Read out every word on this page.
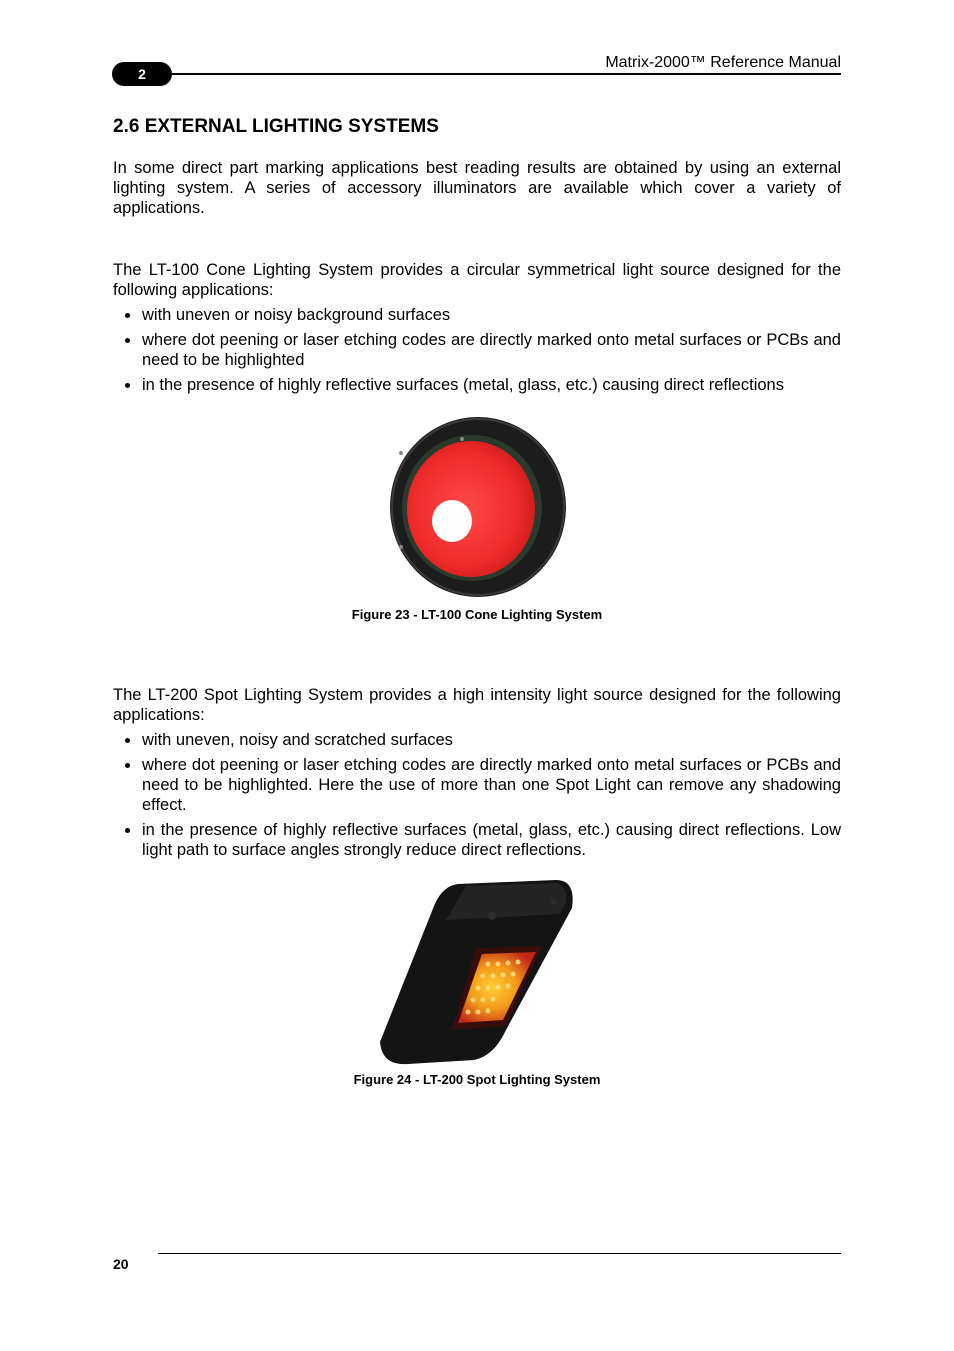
2
Matrix-2000™ Reference Manual
2.6 EXTERNAL LIGHTING SYSTEMS

In some direct part marking applications best reading results are obtained by using an external lighting system. A series of accessory illuminators are available which cover a variety of applications.

The LT-100 Cone Lighting System provides a circular symmetrical light source designed for the following applications:

with uneven or noisy background surfaces
where dot peening or laser etching codes are directly marked onto metal surfaces or PCBs and need to be highlighted
in the presence of highly reflective surfaces (metal, glass, etc.) causing direct reflections
Figure 23 - LT-100 Cone Lighting System

The LT-200 Spot Lighting System provides a high intensity light source designed for the following applications:

with uneven, noisy and scratched surfaces
where dot peening or laser etching codes are directly marked onto metal surfaces or PCBs and need to be highlighted. Here the use of more than one Spot Light can remove any shadowing effect.
in the presence of highly reflective surfaces (metal, glass, etc.) causing direct reflections. Low light path to surface angles strongly reduce direct reflections.
Figure 24 - LT-200 Spot Lighting System
20
